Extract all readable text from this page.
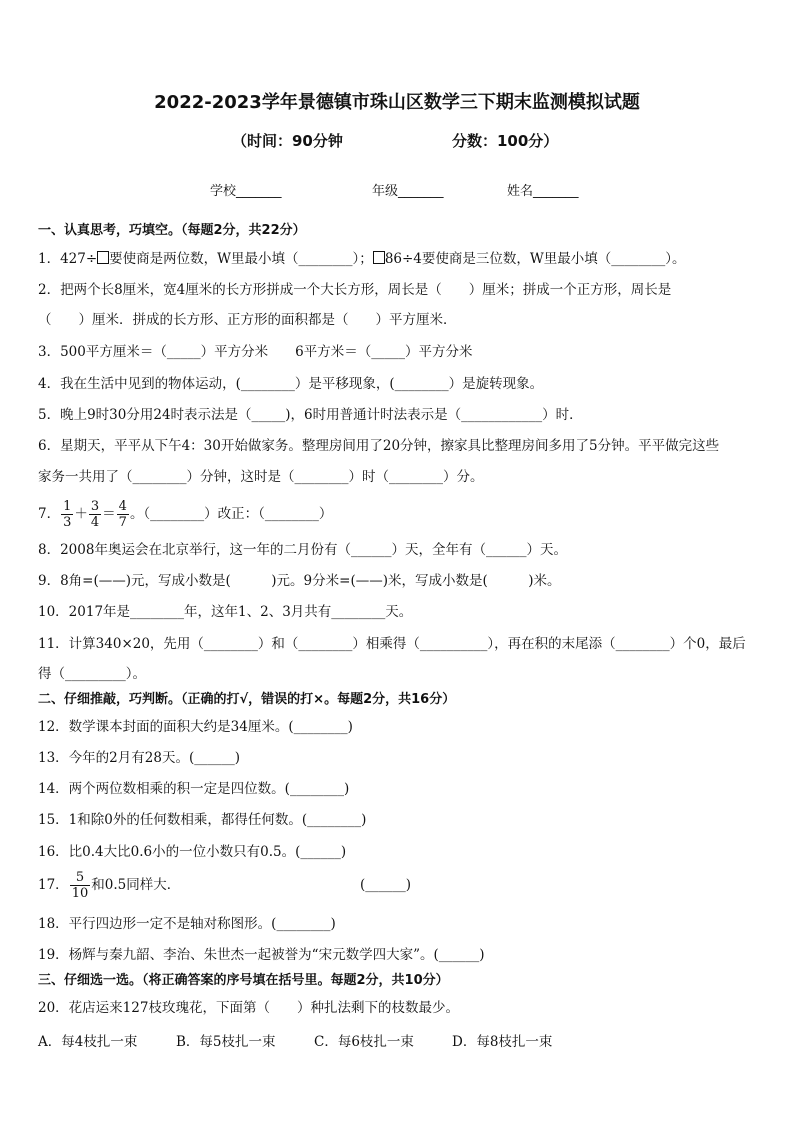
2022-2023学年景德镇市珠山区数学三下期末监测模拟试题
（时间：90分钟	分数：100分）
学校_______	年级_______	姓名_______
一、认真思考，巧填空。（每题2分，共22分）
1．427÷ 要使商是两位数，W里最小填（________）； 86÷4要使商是三位数，W里最小填（________）。
2．把两个长8厘米，宽4厘米的长方形拼成一个大长方形，周长是（　　）厘米；拼成一个正方形，周长是
（　　）厘米．拼成的长方形、正方形的面积都是（　　）平方厘米．
3．500平方厘米＝（_____）平方分米　　6平方米＝（_____）平方分米
4．我在生活中见到的物体运动，(________）是平移现象，(________）是旋转现象。
5．晚上9时30分用24时表示法是（_____)，6时用普通计时法表示是（____________）时．
6．星期天，平平从下午4：30开始做家务。整理房间用了20分钟，擦家具比整理房间多用了5分钟。平平做完这些
家务一共用了（________）分钟，这时是（________）时（________）分。
7． $\frac{1}{3} + \frac{3}{4} = \frac{4}{7}$ 。（________）改正：（________）
8．2008年奥运会在北京举行，这一年的二月份有（______）天，全年有（______）天。
9．8角=(——)元，写成小数是(　　　)元。9分米=(——)米，写成小数是(　　　)米。
10．2017年是________年，这年1、2、3月共有________天。
11．计算340×20，先用（________）和（________）相乘得（__________），再在积的末尾添（________）个0，最后
得（_________）。
二、仔细推敲，巧判断。（正确的打√，错误的打×。每题2分，共16分）
12．数学课本封面的面积大约是34厘米。(________)
13．今年的2月有28天。(______)
14．两个两位数相乘的积一定是四位数。(________)
15．1和除0外的任何数相乘，都得任何数。(________)
16．比0.4大比0.6小的一位小数只有0.5。(______)
17． $\frac{5}{10}$ 和0.5同样大．	(______)
18．平行四边形一定不是轴对称图形。(________)
19．杨辉与秦九韶、李治、朱世杰一起被誉为“宋元数学四大家”。(______)
三、仔细选一选。（将正确答案的序号填在括号里。每题2分，共10分）
20．花店运来127枝玫瑰花，下面第（　　）种扎法剩下的枝数最少。
A．每4枝扎一束	B．每5枝扎一束	C．每6枝扎一束	D．每8枝扎一束
